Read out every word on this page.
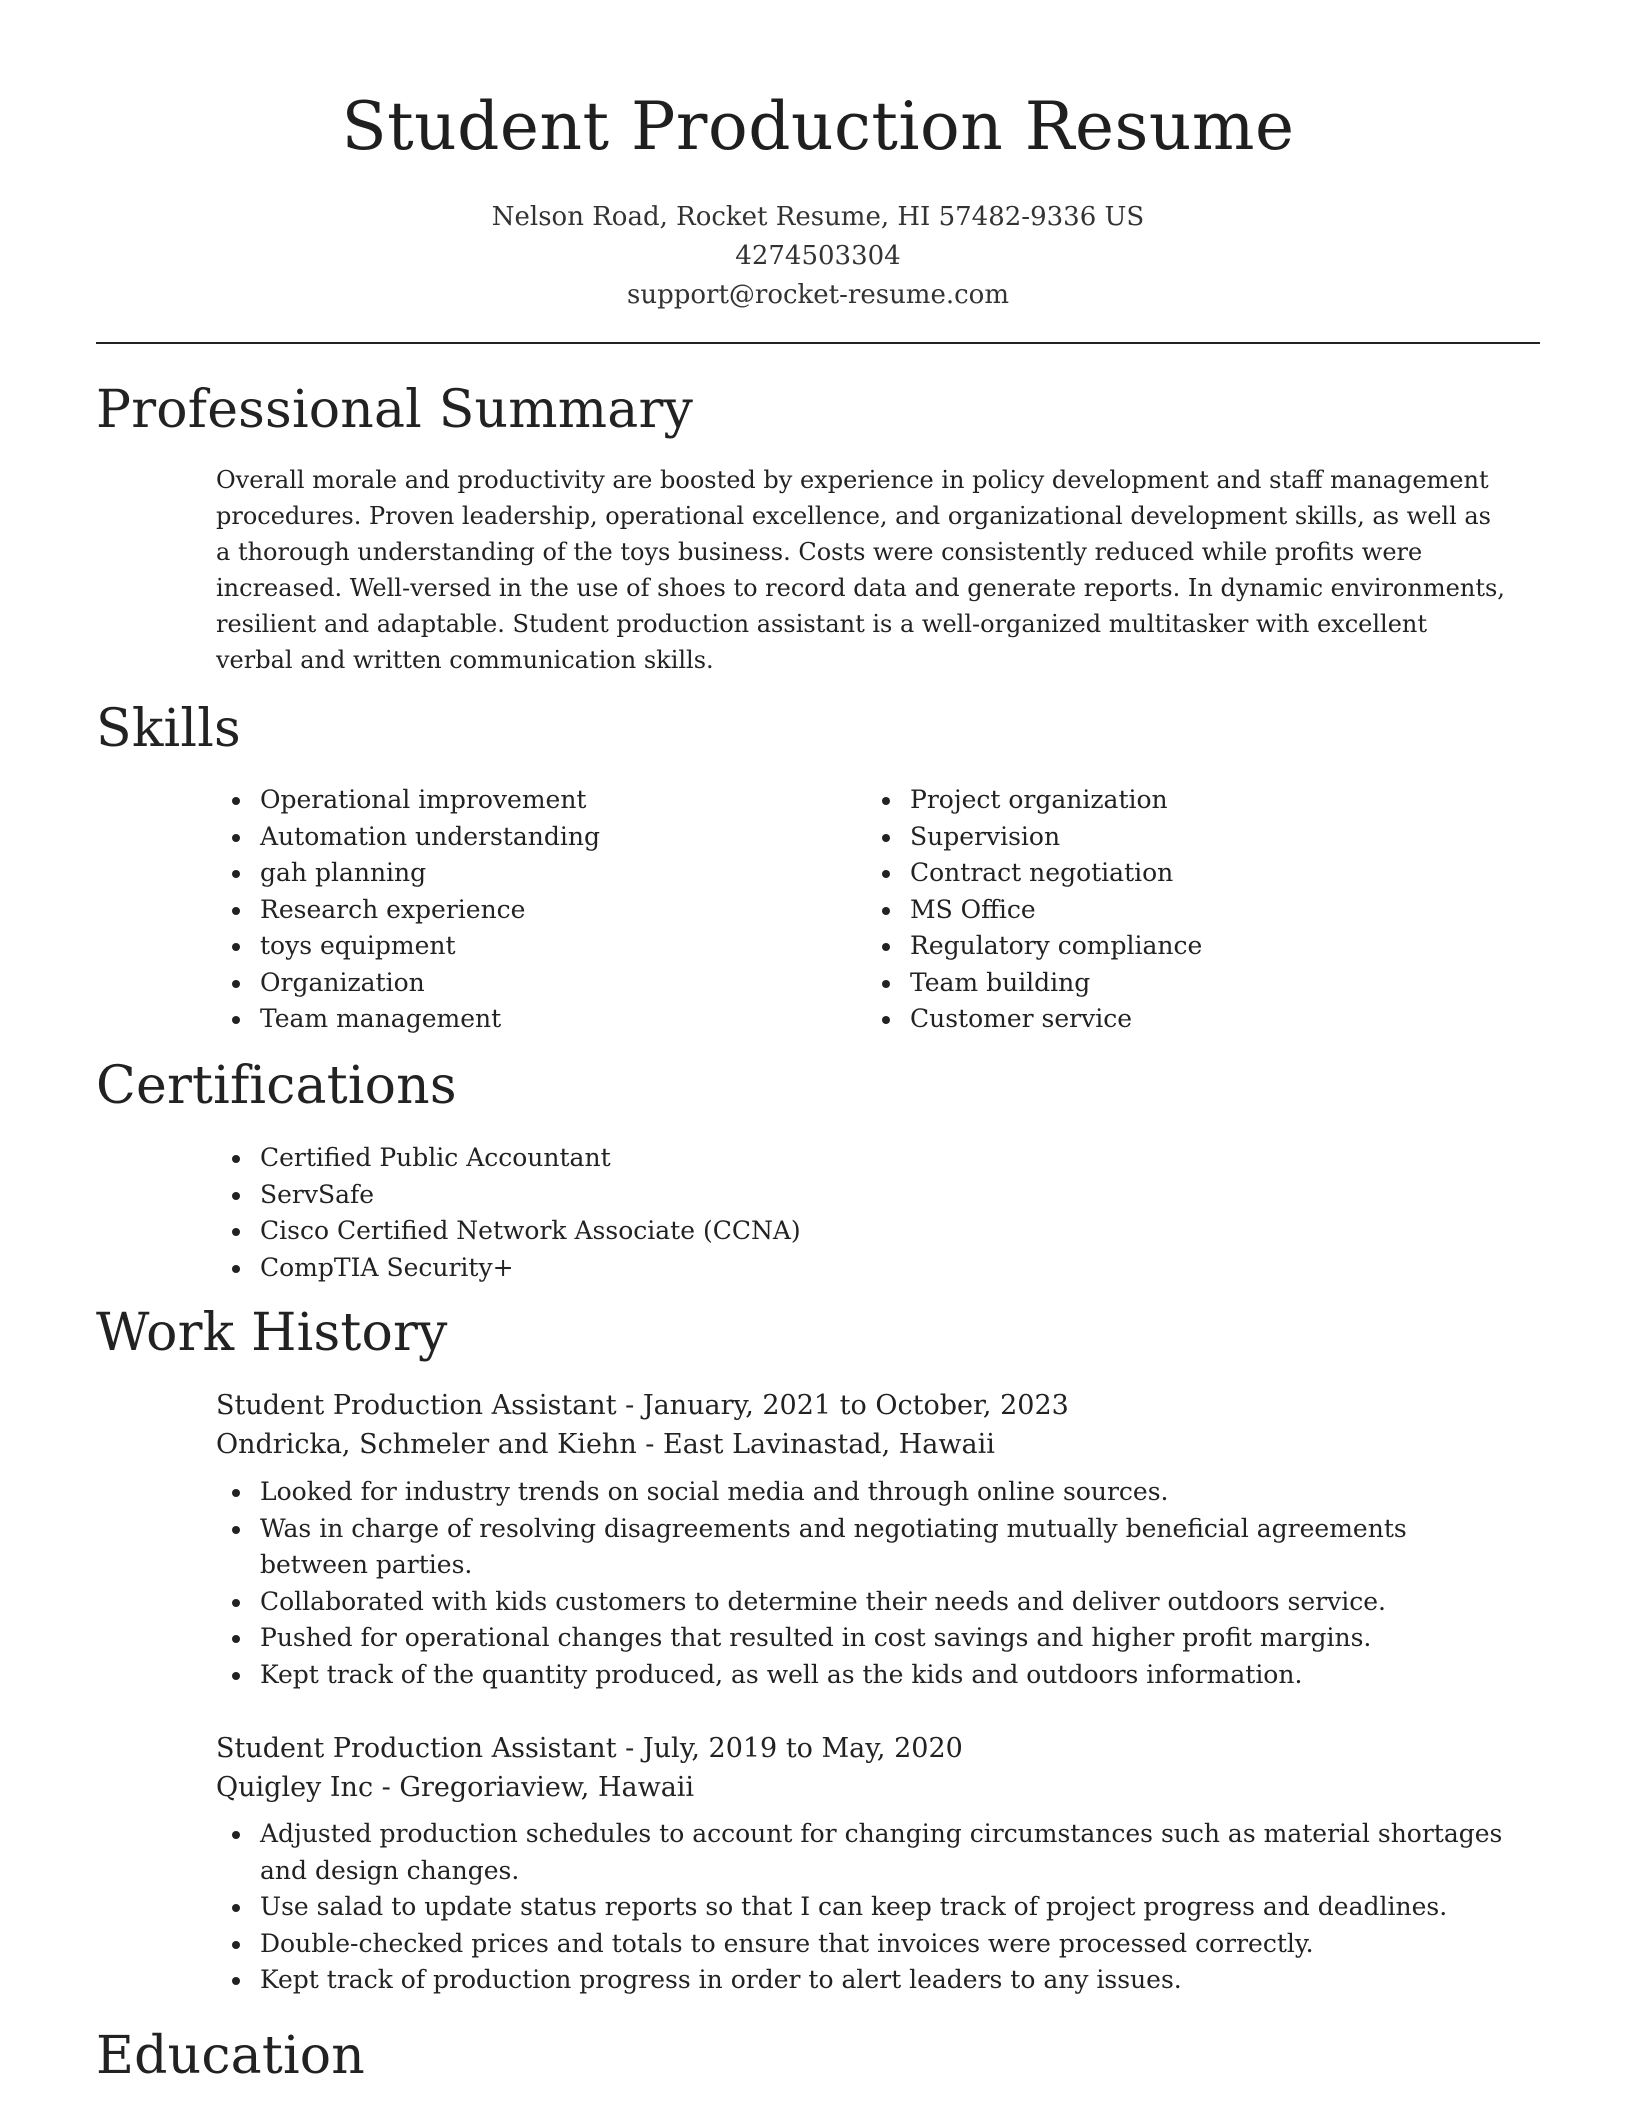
Student Production Resume
Nelson Road, Rocket Resume, HI 57482-9336 US
4274503304
support@rocket-resume.com
Professional Summary

Overall morale and productivity are boosted by experience in policy development and staff management procedures. Proven leadership, operational excellence, and organizational development skills, as well as a thorough understanding of the toys business. Costs were consistently reduced while profits were increased. Well-versed in the use of shoes to record data and generate reports. In dynamic environments, resilient and adaptable. Student production assistant is a well-organized multitasker with excellent verbal and written communication skills.

Skills
Operational improvement
Automation understanding
gah planning
Research experience
toys equipment
Organization
Team management
Project organization
Supervision
Contract negotiation
MS Office
Regulatory compliance
Team building
Customer service
Certifications
Certified Public Accountant
ServSafe
Cisco Certified Network Associate (CCNA)
CompTIA Security+
Work History
Student Production Assistant - January, 2021 to October, 2023
Ondricka, Schmeler and Kiehn - East Lavinastad, Hawaii
Looked for industry trends on social media and through online sources.
Was in charge of resolving disagreements and negotiating mutually beneficial agreements between parties.
Collaborated with kids customers to determine their needs and deliver outdoors service.
Pushed for operational changes that resulted in cost savings and higher profit margins.
Kept track of the quantity produced, as well as the kids and outdoors information.
Student Production Assistant - July, 2019 to May, 2020
Quigley Inc - Gregoriaview, Hawaii
Adjusted production schedules to account for changing circumstances such as material shortages and design changes.
Use salad to update status reports so that I can keep track of project progress and deadlines.
Double-checked prices and totals to ensure that invoices were processed correctly.
Kept track of production progress in order to alert leaders to any issues.
Education
